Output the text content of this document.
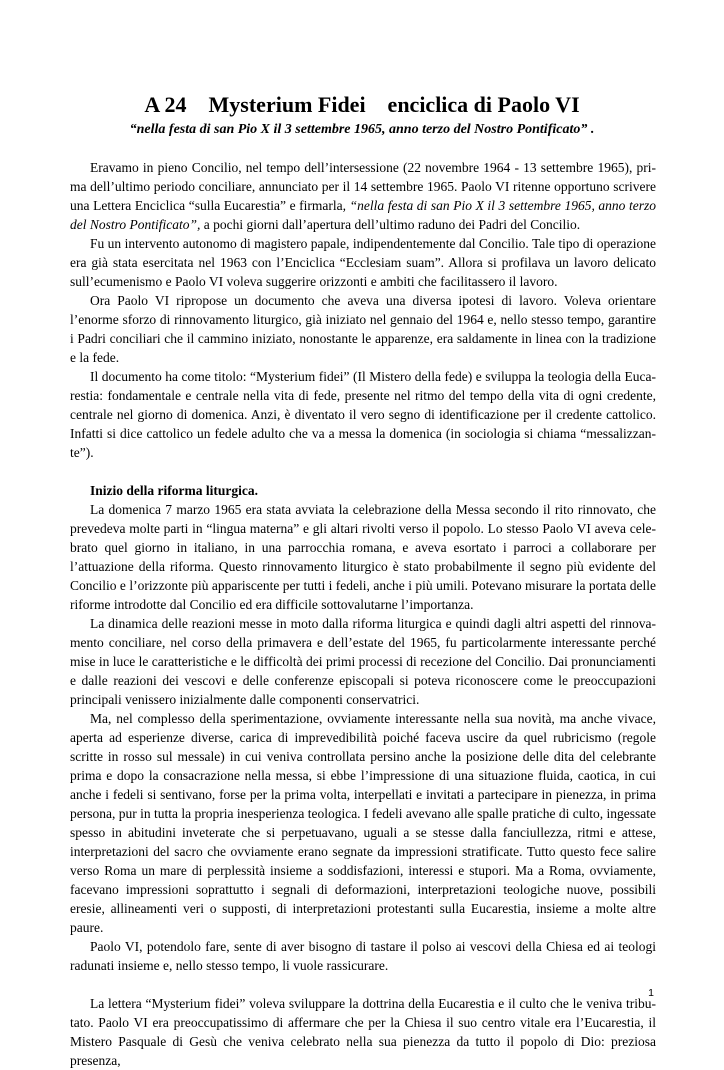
A 24    Mysterium Fidei    enciclica di Paolo VI
“nella festa di san Pio X il 3 settembre 1965, anno terzo del Nostro Pontificato” .

Eravamo in pieno Concilio, nel tempo dell’intersessione (22 novembre 1964 - 13 settembre 1965), prima dell’ultimo periodo conciliare, annunciato per il 14 settembre 1965. Paolo VI ritenne opportuno scrivere una Lettera Enciclica “sulla Eucarestia” e firmarla, “nella festa di san Pio X il 3 settembre 1965, anno terzo del Nostro Pontificato”, a pochi giorni dall’apertura dell’ultimo raduno dei Padri del Concilio.

Fu un intervento autonomo di magistero papale, indipendentemente dal Concilio. Tale tipo di operazione era già stata esercitata nel 1963 con l’Enciclica “Ecclesiam suam”. Allora si profilava un lavoro delicato sull’ecumenismo e Paolo VI voleva suggerire orizzonti e ambiti che facilitassero il lavoro.

Ora Paolo VI ripropose un documento che aveva una diversa ipotesi di lavoro. Voleva orientare l’enorme sforzo di rinnovamento liturgico, già iniziato nel gennaio del 1964 e, nello stesso tempo, garantire i Padri conciliari che il cammino iniziato, nonostante le apparenze, era saldamente in linea con la tradizione e la fede.

Il documento ha come titolo: “Mysterium fidei” (Il Mistero della fede) e sviluppa la teologia della Eucarestia: fondamentale e centrale nella vita di fede, presente nel ritmo del tempo della vita di ogni credente, centrale nel giorno di domenica. Anzi, è diventato il vero segno di identificazione per il credente cattolico. Infatti si dice cattolico un fedele adulto che va a messa la domenica (in sociologia si chiama “messalizzante”).

Inizio della riforma liturgica.

La domenica 7 marzo 1965 era stata avviata la celebrazione della Messa secondo il rito rinnovato, che prevedeva molte parti in “lingua materna” e gli altari rivolti verso il popolo. Lo stesso Paolo VI aveva celebrato quel giorno in italiano, in una parrocchia romana, e aveva esortato i parroci a collaborare per l’attuazione della riforma. Questo rinnovamento liturgico è stato probabilmente il segno più evidente del Concilio e l’orizzonte più appariscente per tutti i fedeli, anche i più umili. Potevano misurare la portata delle riforme introdotte dal Concilio ed era difficile sottovalutarne l’importanza.

La dinamica delle reazioni messe in moto dalla riforma liturgica e quindi dagli altri aspetti del rinnovamento conciliare, nel corso della primavera e dell’estate del 1965, fu particolarmente interessante perché mise in luce le caratteristiche e le difficoltà dei primi processi di recezione del Concilio. Dai pronunciamenti e dalle reazioni dei vescovi e delle conferenze episcopali si poteva riconoscere come le preoccupazioni principali venissero inizialmente dalle componenti conservatrici.

Ma, nel complesso della sperimentazione, ovviamente interessante nella sua novità, ma anche vivace, aperta ad esperienze diverse, carica di imprevedibilità poiché faceva uscire da quel rubricismo (regole scritte in rosso sul messale) in cui veniva controllata persino anche la posizione delle dita del celebrante prima e dopo la consacrazione nella messa, si ebbe l’impressione di una situazione fluida, caotica, in cui anche i fedeli si sentivano, forse per la prima volta, interpellati e invitati a partecipare in pienezza, in prima persona, pur in tutta la propria inesperienza teologica. I fedeli avevano alle spalle pratiche di culto, ingessate spesso in abitudini inveterate che si perpetuavano, uguali a se stesse dalla fanciullezza, ritmi e attese, interpretazioni del sacro che ovviamente erano segnate da impressioni stratificate. Tutto questo fece salire verso Roma un mare di perplessità insieme a soddisfazioni, interessi e stupori. Ma a Roma, ovviamente, facevano impressioni soprattutto i segnali di deformazioni, interpretazioni teologiche nuove, possibili eresie, allineamenti veri o supposti, di interpretazioni protestanti sulla Eucarestia, insieme a molte altre paure.

Paolo VI, potendolo fare, sente di aver bisogno di tastare il polso ai vescovi della Chiesa ed ai teologi radunati insieme e, nello stesso tempo, li vuole rassicurare.

La lettera “Mysterium fidei” voleva sviluppare la dottrina della Eucarestia e il culto che le veniva tributato. Paolo VI era preoccupatissimo di affermare che per la Chiesa il suo centro vitale era l’Eucarestia, il Mistero Pasquale di Gesù che veniva celebrato nella sua pienezza da tutto il popolo di Dio: preziosa presenza,

1
